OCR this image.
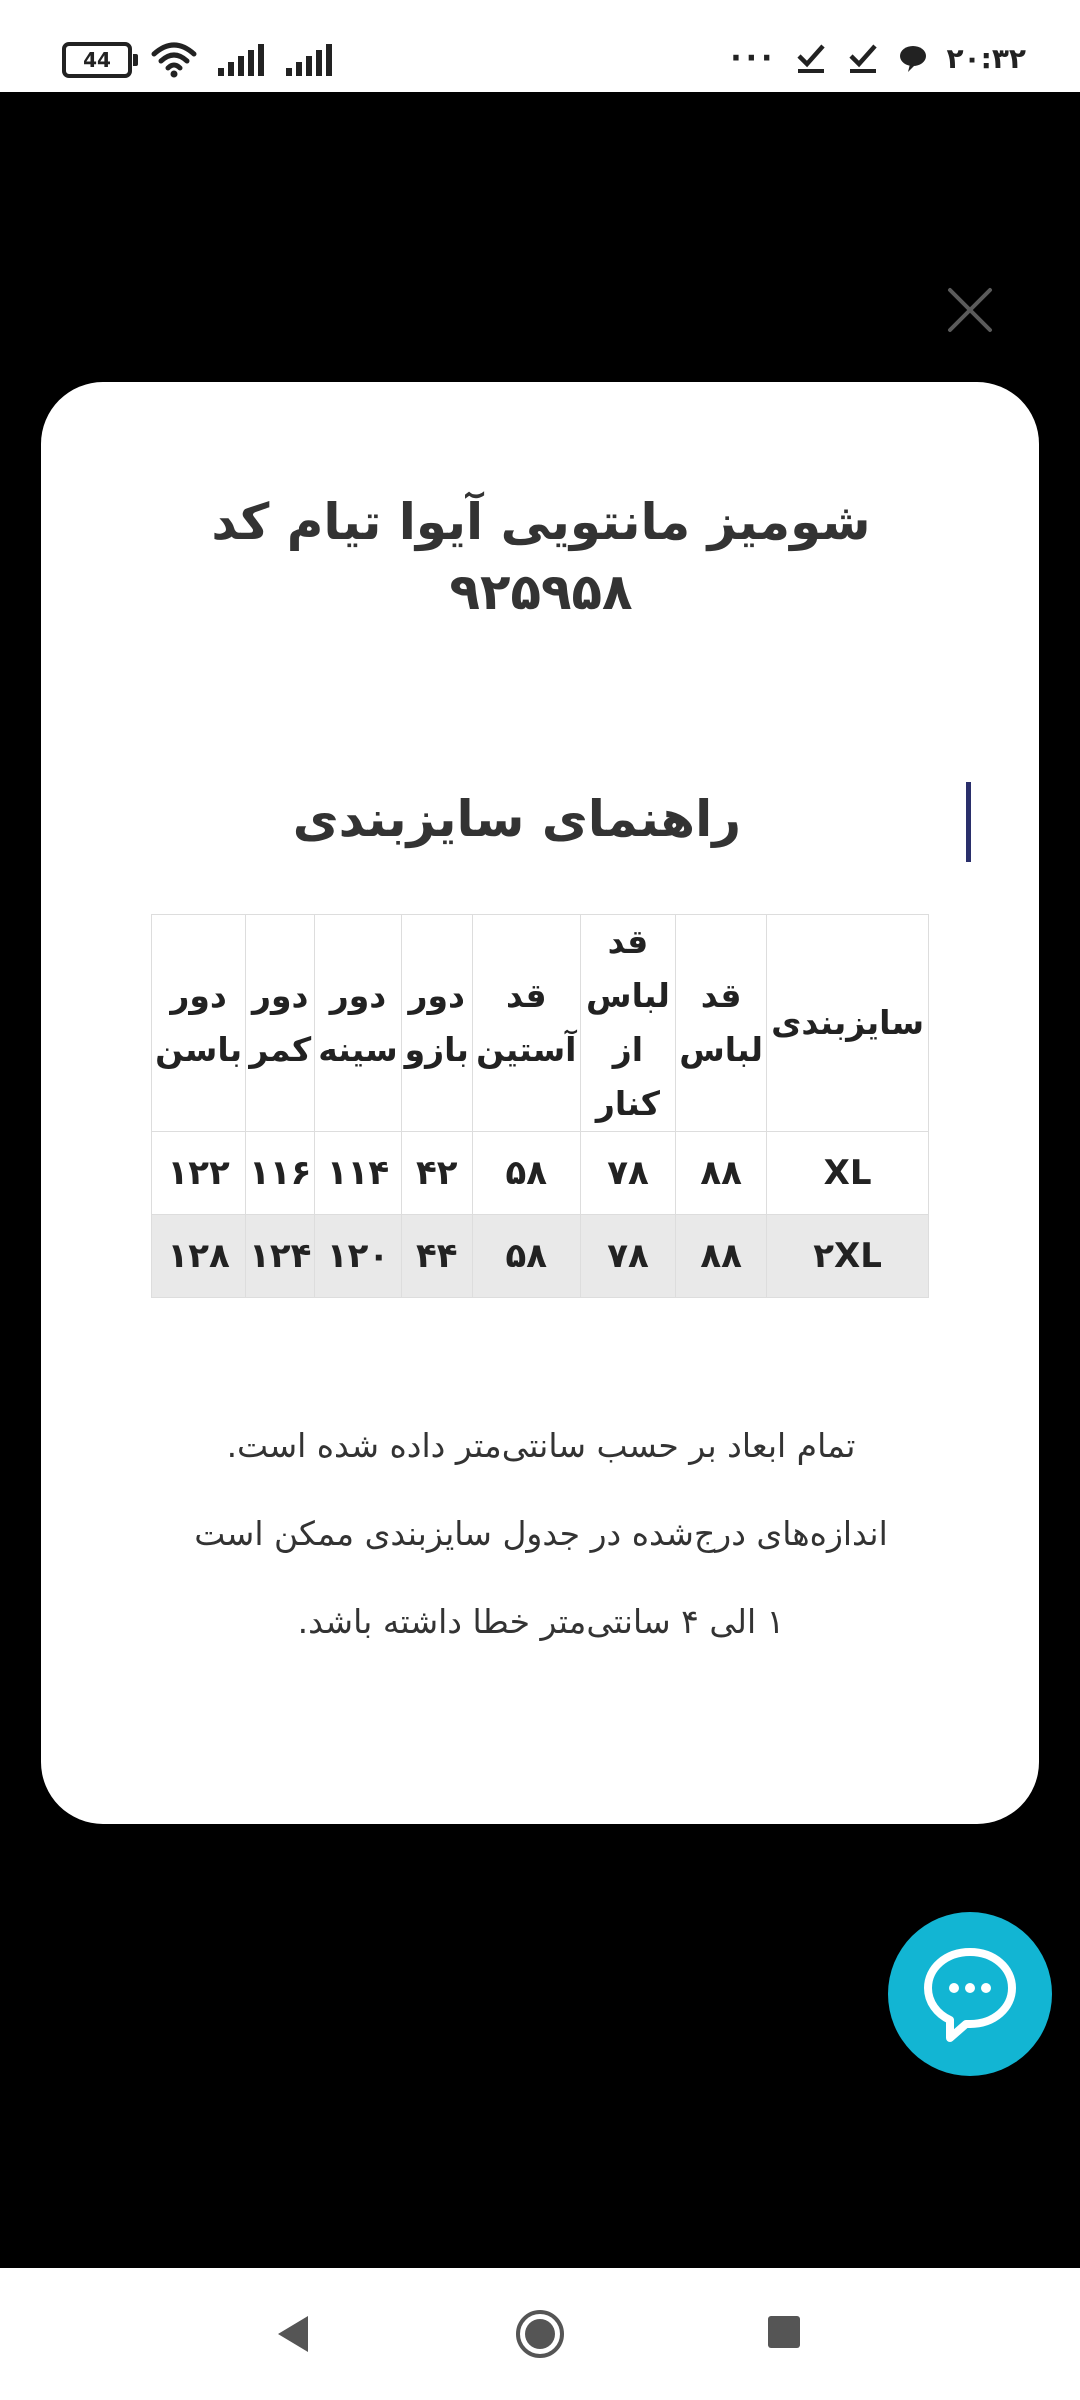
44	···	۲۰:۳۲
شومیز مانتویی آیوا تیام کد ۹۲۵۹۵۸
راهنمای سایزبندی
سایزبندی	قد لباس	قد لباس از کنار	قد آستین	دور بازو	دور سینه	دور کمر	دور باسن
XL	۸۸	۷۸	۵۸	۴۲	۱۱۴	۱۱۶	۱۲۲
۲XL	۸۸	۷۸	۵۸	۴۴	۱۲۰	۱۲۴	۱۲۸

تمام ابعاد بر حسب سانتی‌متر داده شده است.

اندازه‌های درج‌شده در جدول سایزبندی ممکن است

۱ الی ۴ سانتی‌متر خطا داشته باشد.
